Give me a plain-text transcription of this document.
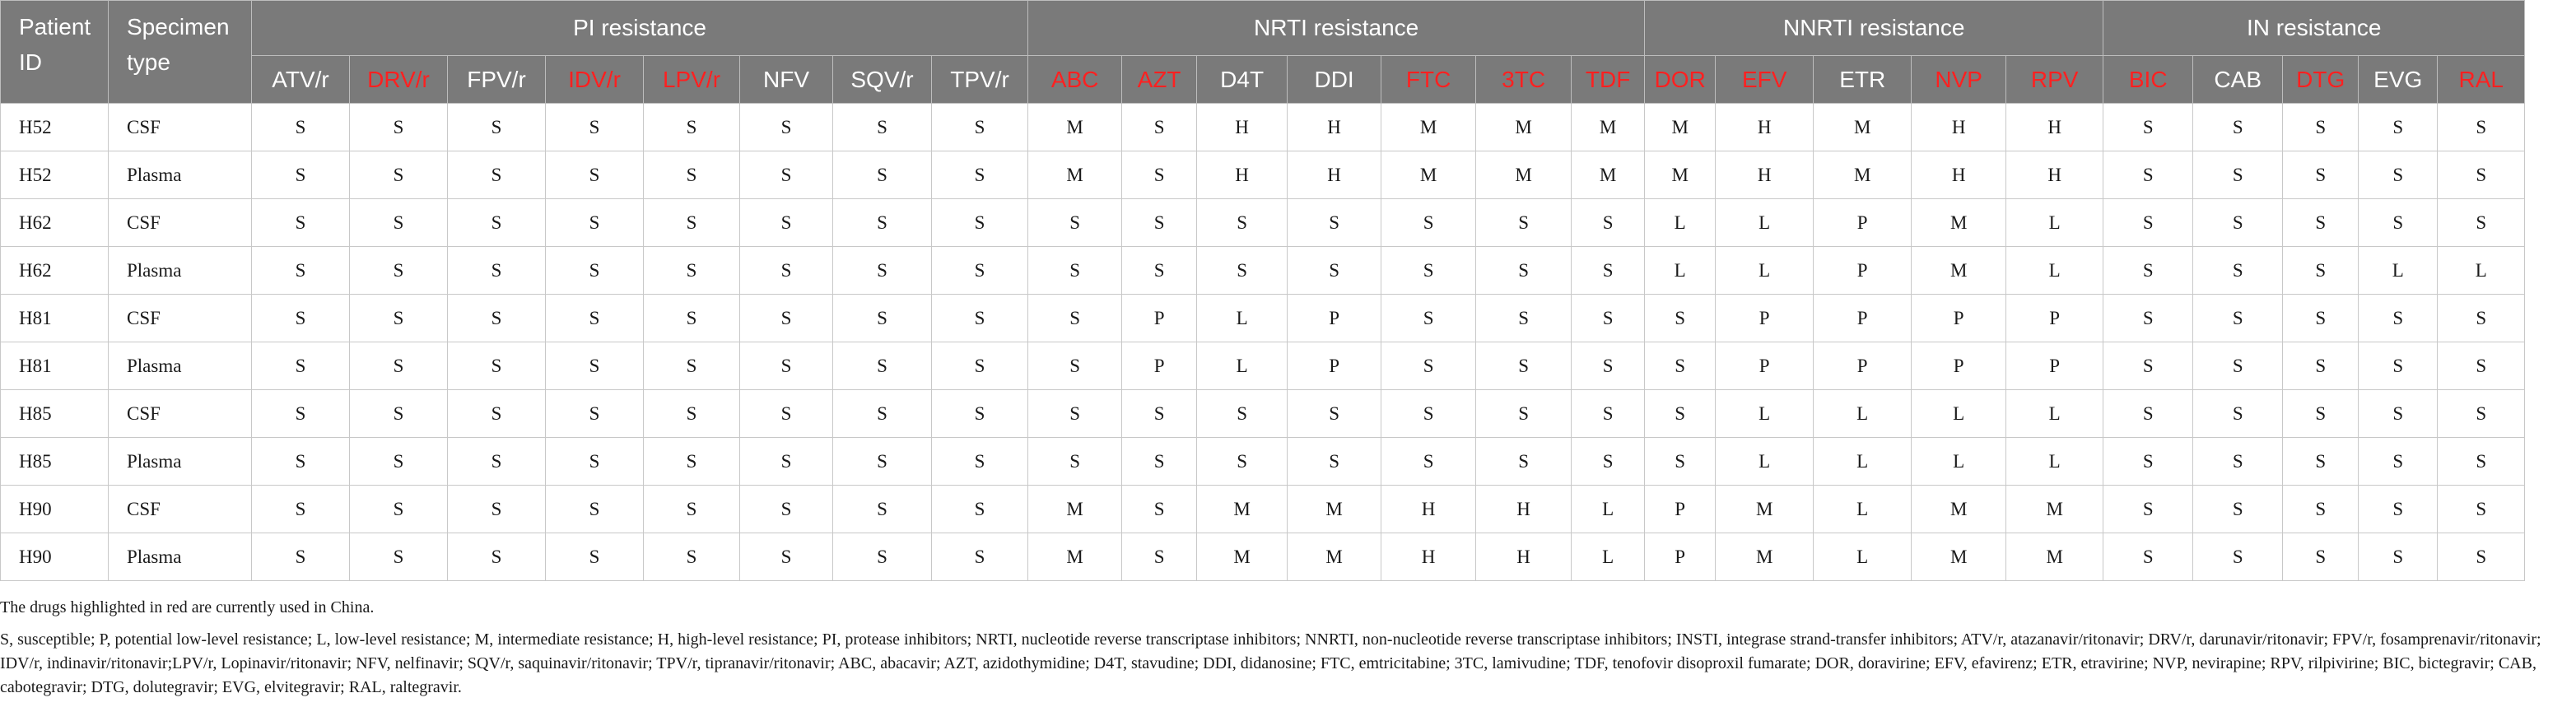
Patient ID	Specimen type	PI resistance								NRTI resistance							NNRTI resistance					IN resistance				
		ATV/r	DRV/r	FPV/r	IDV/r	LPV/r	NFV	SQV/r	TPV/r	ABC	AZT	D4T	DDI	FTC	3TC	TDF	DOR	EFV	ETR	NVP	RPV	BIC	CAB	DTG	EVG	RAL
H52	CSF	S	S	S	S	S	S	S	S	M	S	H	H	M	M	M	M	H	M	H	H	S	S	S	S	S
H52	Plasma	S	S	S	S	S	S	S	S	M	S	H	H	M	M	M	M	H	M	H	H	S	S	S	S	S
H62	CSF	S	S	S	S	S	S	S	S	S	S	S	S	S	S	S	L	L	P	M	L	S	S	S	S	S
H62	Plasma	S	S	S	S	S	S	S	S	S	S	S	S	S	S	S	L	L	P	M	L	S	S	S	L	L
H81	CSF	S	S	S	S	S	S	S	S	S	P	L	P	S	S	S	S	P	P	P	P	S	S	S	S	S
H81	Plasma	S	S	S	S	S	S	S	S	S	P	L	P	S	S	S	S	P	P	P	P	S	S	S	S	S
H85	CSF	S	S	S	S	S	S	S	S	S	S	S	S	S	S	S	S	L	L	L	L	S	S	S	S	S
H85	Plasma	S	S	S	S	S	S	S	S	S	S	S	S	S	S	S	S	L	L	L	L	S	S	S	S	S
H90	CSF	S	S	S	S	S	S	S	S	M	S	M	M	H	H	L	P	M	L	M	M	S	S	S	S	S
H90	Plasma	S	S	S	S	S	S	S	S	M	S	M	M	H	H	L	P	M	L	M	M	S	S	S	S	S

The drugs highlighted in red are currently used in China.

S, susceptible; P, potential low-level resistance; L, low-level resistance; M, intermediate resistance; H, high-level resistance; PI, protease inhibitors; NRTI, nucleotide reverse transcriptase inhibitors; NNRTI, non-nucleotide reverse transcriptase inhibitors; INSTI, integrase strand-transfer inhibitors; ATV/r, atazanavir/ritonavir; DRV/r, darunavir/ritonavir; FPV/r, fosamprenavir/ritonavir; IDV/r, indinavir/ritonavir;LPV/r, Lopinavir/ritonavir; NFV, nelfinavir; SQV/r, saquinavir/ritonavir; TPV/r, tipranavir/ritonavir; ABC, abacavir; AZT, azidothymidine; D4T, stavudine; DDI, didanosine; FTC, emtricitabine; 3TC, lamivudine; TDF, tenofovir disoproxil fumarate; DOR, doravirine; EFV, efavirenz; ETR, etravirine; NVP, nevirapine; RPV, rilpivirine; BIC, bictegravir; CAB, cabotegravir; DTG, dolutegravir; EVG, elvitegravir; RAL, raltegravir.
